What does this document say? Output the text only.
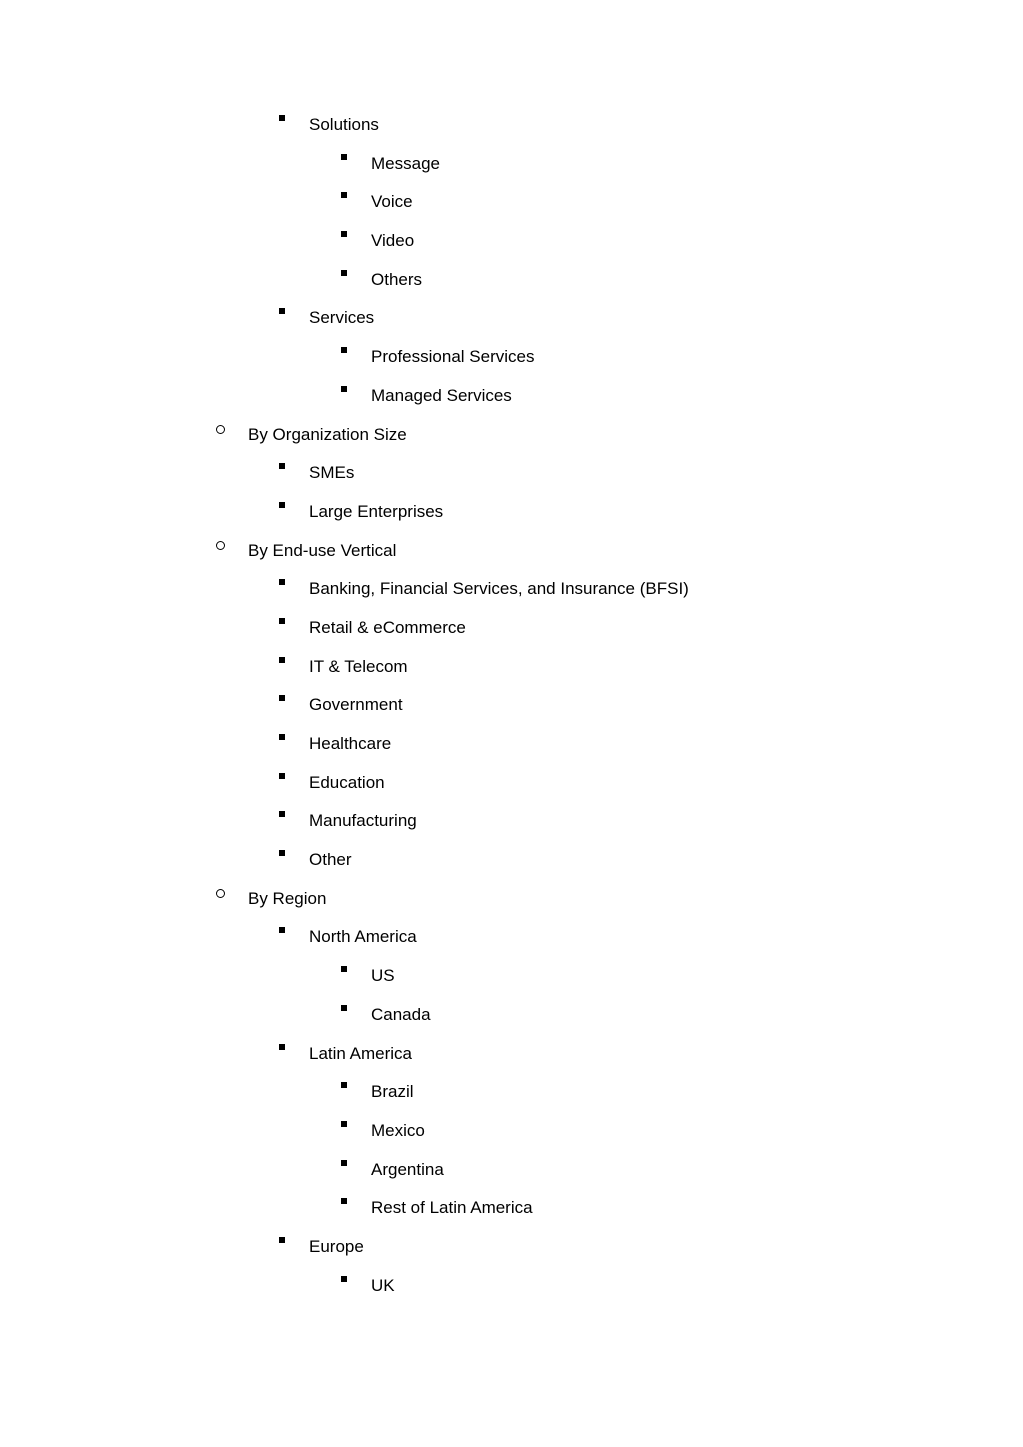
Solutions
Message
Voice
Video
Others
Services
Professional Services
Managed Services
By Organization Size
SMEs
Large Enterprises
By End-use Vertical
Banking, Financial Services, and Insurance (BFSI)
Retail & eCommerce
IT & Telecom
Government
Healthcare
Education
Manufacturing
Other
By Region
North America
US
Canada
Latin America
Brazil
Mexico
Argentina
Rest of Latin America
Europe
UK
